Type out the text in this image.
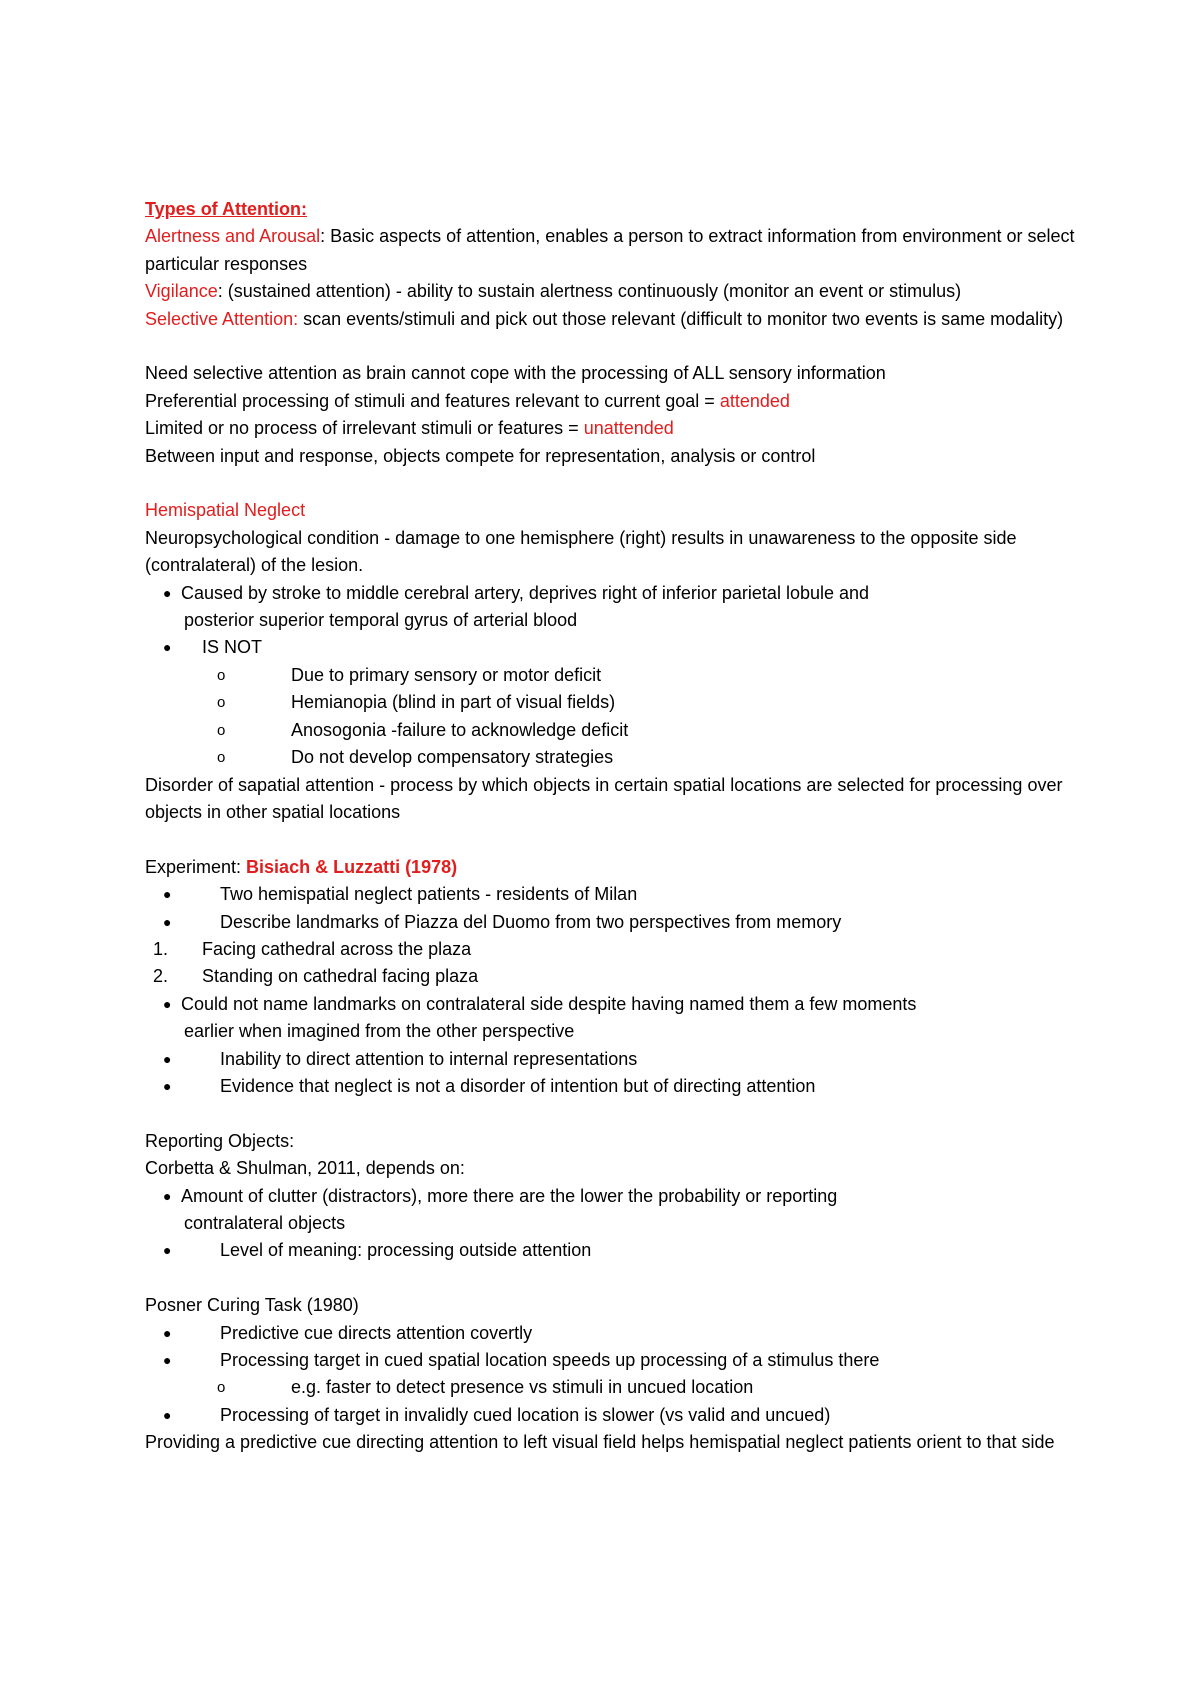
Types of Attention:

Alertness and Arousal: Basic aspects of attention, enables a person to extract information from environment or select particular responses

Vigilance: (sustained attention) - ability to sustain alertness continuously (monitor an event or stimulus)

Selective Attention: scan events/stimuli and pick out those relevant (difficult to monitor two events is same modality)

Need selective attention as brain cannot cope with the processing of ALL sensory information

Preferential processing of stimuli and features relevant to current goal = attended

Limited or no process of irrelevant stimuli or features = unattended

Between input and response, objects compete for representation, analysis or control

Hemispatial Neglect

Neuropsychological condition - damage to one hemisphere (right) results in unawareness to the opposite side (contralateral) of the lesion.

● Caused by stroke to middle cerebral artery, deprives right of inferior parietal lobule and
posterior superior temporal gyrus of arterial blood
● IS NOT
o	Due to primary sensory or motor deficit
o	Hemianopia (blind in part of visual fields)
o	Anosogonia -failure to acknowledge deficit
o	Do not develop compensatory strategies

Disorder of sapatial attention - process by which objects in certain spatial locations are selected for processing over objects in other spatial locations

Experiment: Bisiach & Luzzatti (1978)

●	Two hemispatial neglect patients - residents of Milan
●	Describe landmarks of Piazza del Duomo from two perspectives from memory
1.	Facing cathedral across the plaza
2.	Standing on cathedral facing plaza
● Could not name landmarks on contralateral side despite having named them a few moments
earlier when imagined from the other perspective
●	Inability to direct attention to internal representations
●	Evidence that neglect is not a disorder of intention but of directing attention

Reporting Objects:

Corbetta & Shulman, 2011, depends on:

● Amount of clutter (distractors), more there are the lower the probability or reporting
contralateral objects
●	Level of meaning: processing outside attention

Posner Curing Task (1980)

●	Predictive cue directs attention covertly
●	Processing target in cued spatial location speeds up processing of a stimulus there
o	e.g. faster to detect presence vs stimuli in uncued location
●	Processing of target in invalidly cued location is slower (vs valid and uncued)

Providing a predictive cue directing attention to left visual field helps hemispatial neglect patients orient to that side
